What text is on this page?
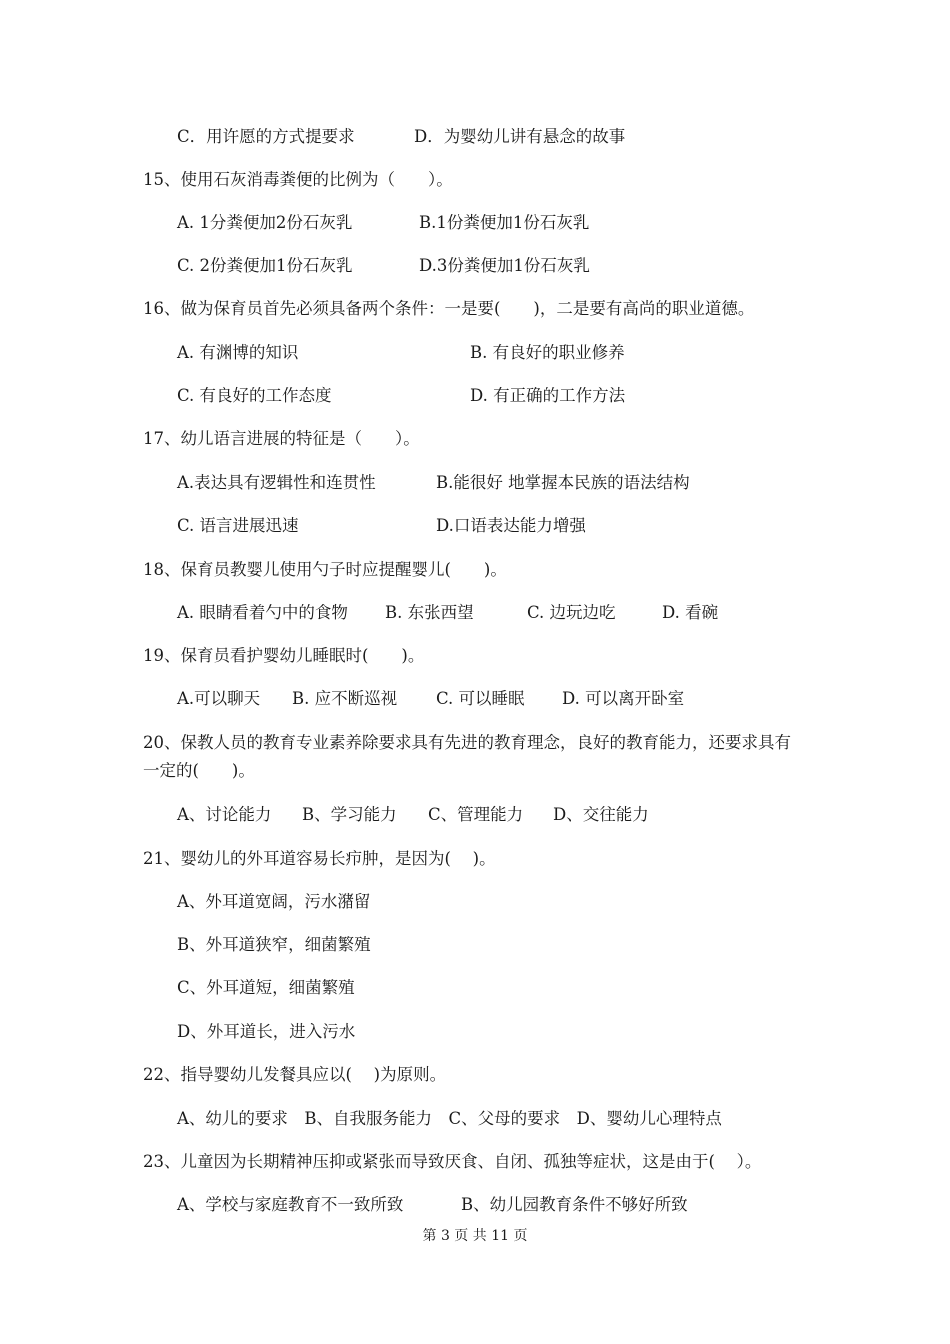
C．用许愿的方式提要求	D．为婴幼儿讲有悬念的故事
15、使用石灰消毒粪便的比例为（　　）。
A. 1分粪便加2份石灰乳	B.1份粪便加1份石灰乳
C. 2份粪便加1份石灰乳	D.3份粪便加1份石灰乳
16、做为保育员首先必须具备两个条件：一是要(　　)，二是要有高尚的职业道德。
A. 有渊博的知识	B. 有良好的职业修养
C. 有良好的工作态度	D. 有正确的工作方法
17、幼儿语言进展的特征是（　　）。
A.表达具有逻辑性和连贯性	B.能很好 地掌握本民族的语法结构
C. 语言进展迅速	D.口语表达能力增强
18、保育员教婴儿使用勺子时应提醒婴儿(　　)。
A. 眼睛看着勺中的食物 B. 东张西望	C. 边玩边吃	D. 看碗
19、保育员看护婴幼儿睡眠时(　　)。
A.可以聊天 B. 应不断巡视 C. 可以睡眠 D. 可以离开卧室
20、保教人员的教育专业素养除要求具有先进的教育理念，良好的教育能力，还要求具有
一定的(　　)。
A、讨论能力 B、学习能力 C、管理能力 D、交往能力
21、婴幼儿的外耳道容易长疖肿，是因为(　 )。
A、外耳道宽阔，污水潴留
B、外耳道狭窄，细菌繁殖
C、外耳道短，细菌繁殖
D、外耳道长，进入污水
22、指导婴幼儿发餐具应以(　 )为原则。
A、幼儿的要求　B、自我服务能力　C、父母的要求　D、婴幼儿心理特点
23、儿童因为长期精神压抑或紧张而导致厌食、自闭、孤独等症状，这是由于(　 ）。
A、学校与家庭教育不一致所致	B、幼儿园教育条件不够好所致
第 3 页 共 11 页
